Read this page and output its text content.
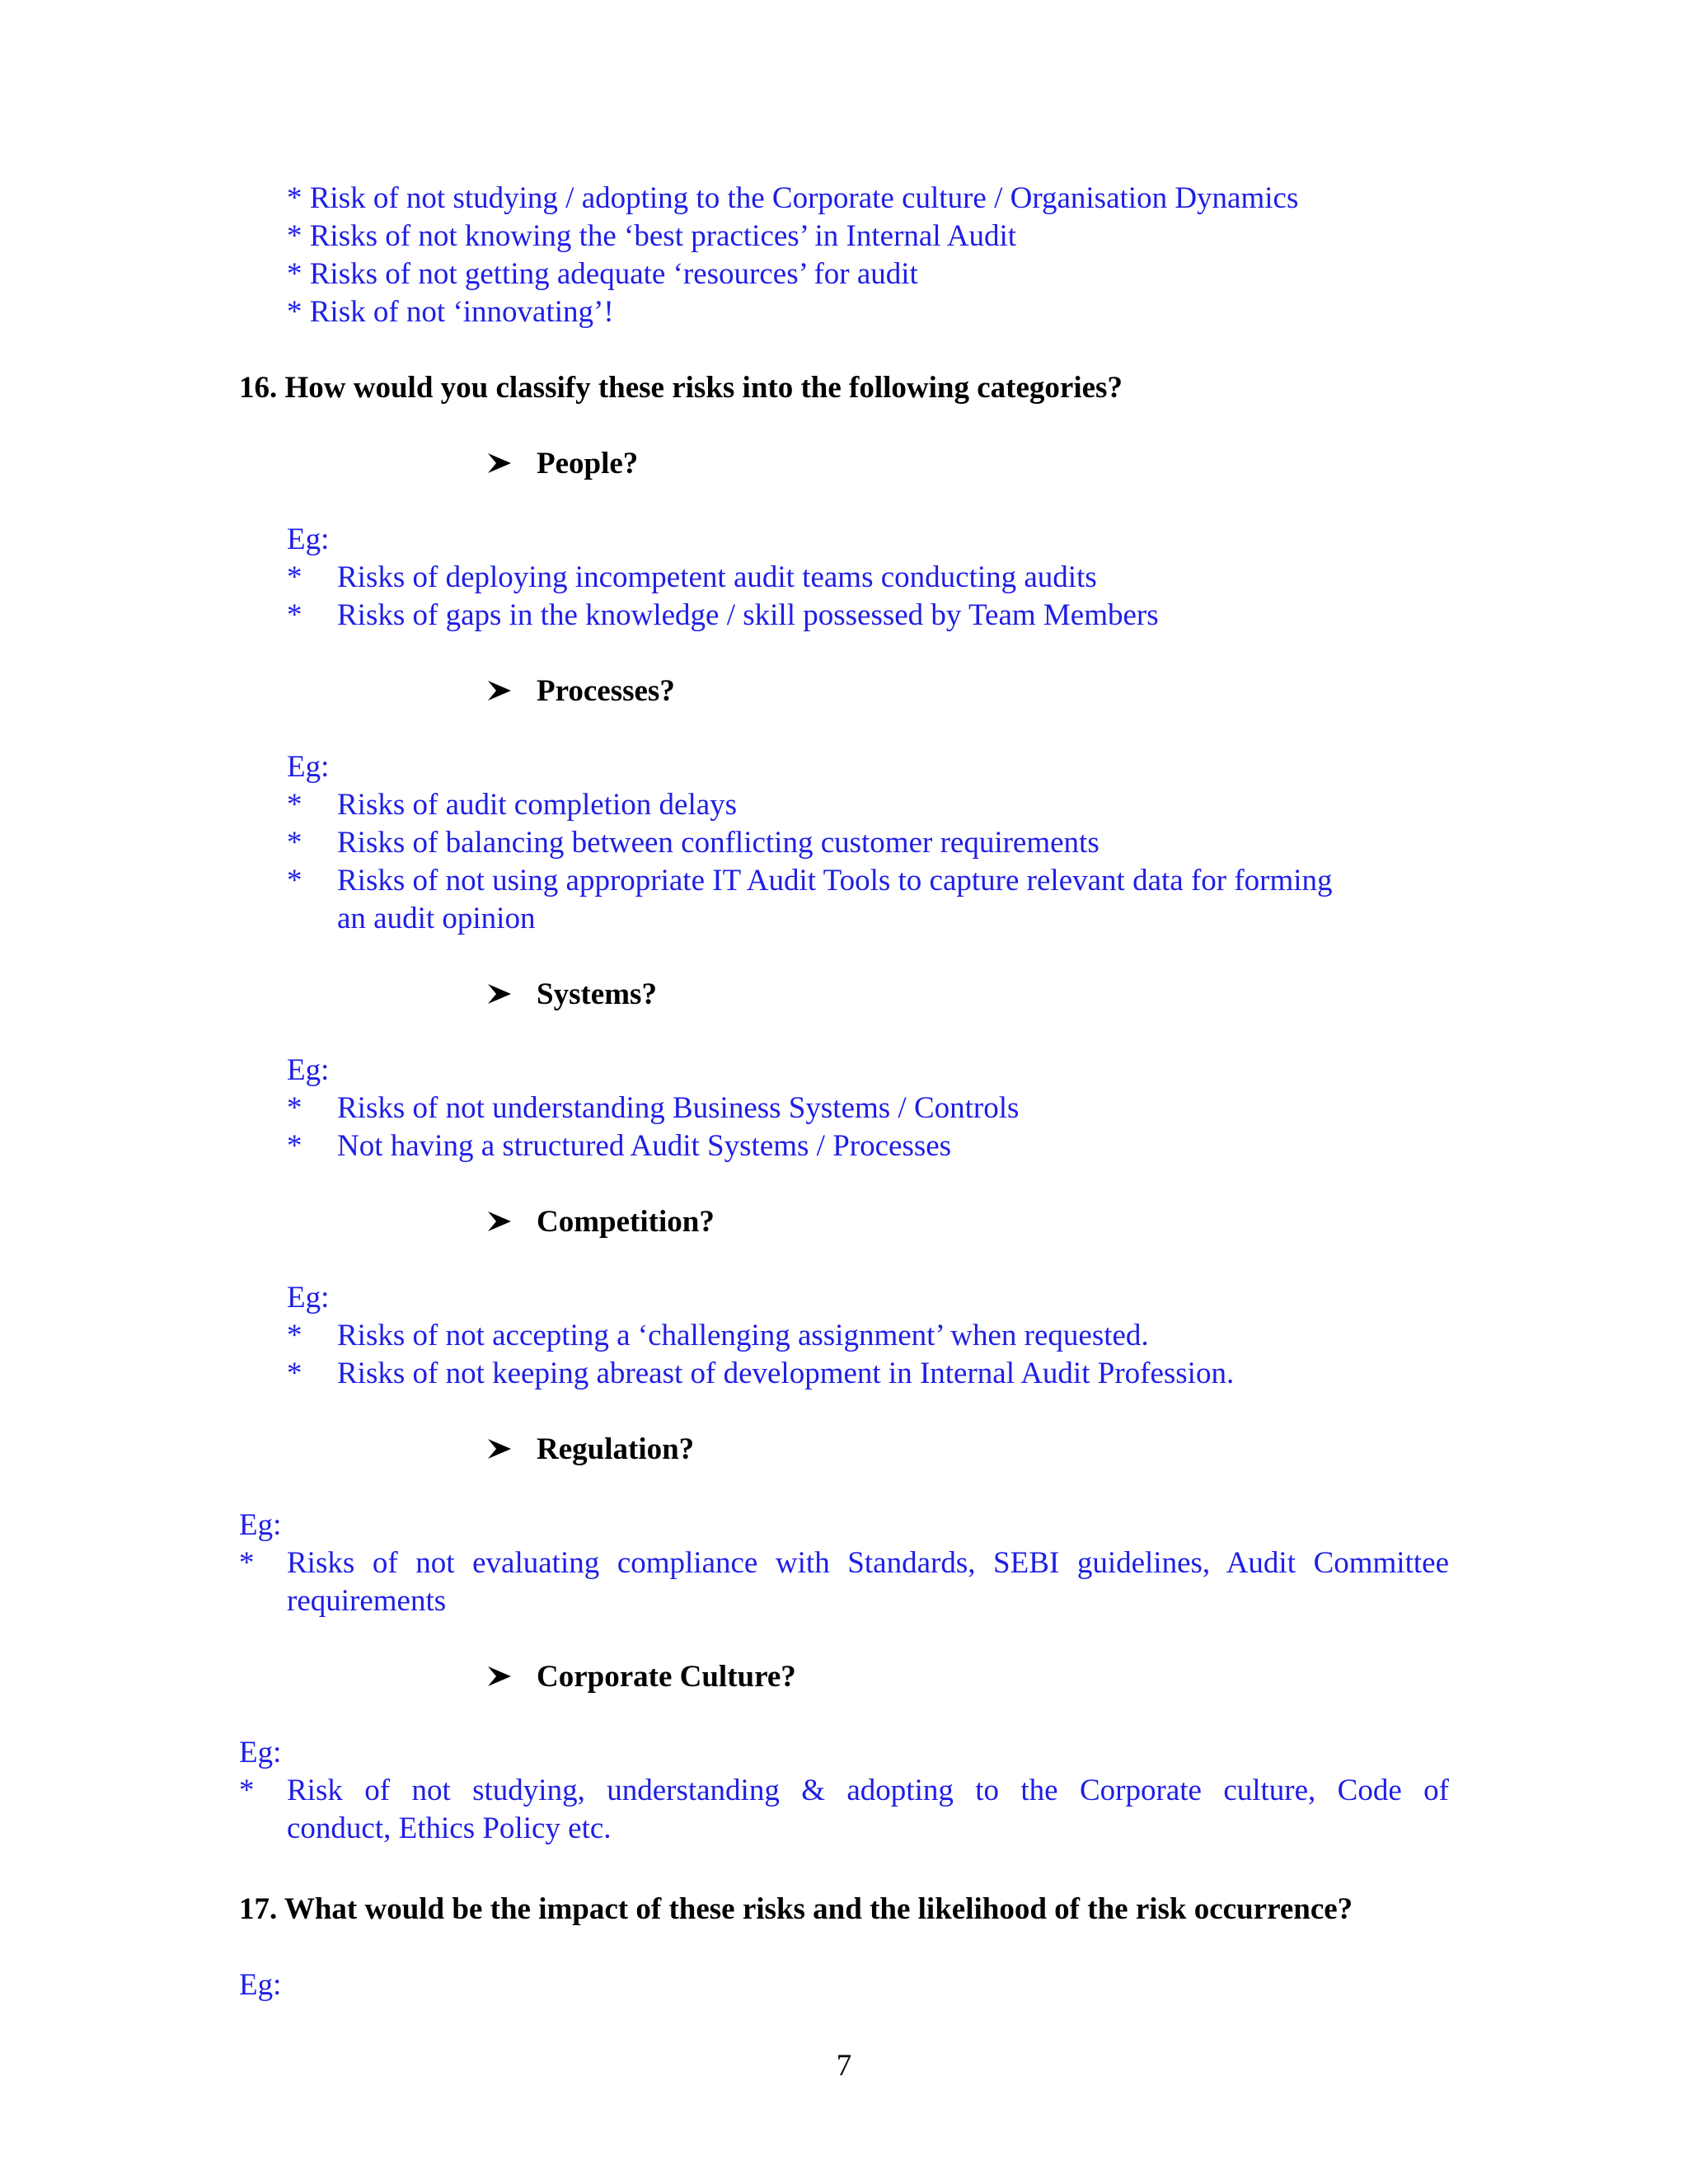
* Risk of not studying / adopting to the Corporate culture / Organisation Dynamics
* Risks of not knowing the ‘best practices’ in Internal Audit
* Risks of not getting adequate ‘resources’ for audit
* Risk of not ‘innovating’!
16. How would you classify these risks into the following categories?
People?
Eg:
* Risks of deploying incompetent audit teams conducting audits
* Risks of gaps in the knowledge / skill possessed by Team Members
Processes?
Eg:
* Risks of audit completion delays
* Risks of balancing between conflicting customer requirements
* Risks of not using appropriate IT Audit Tools to capture relevant data for forming
an audit opinion
Systems?
Eg:
* Risks of not understanding Business Systems / Controls
* Not having a structured Audit Systems / Processes
Competition?
Eg:
* Risks of not accepting a ‘challenging assignment’ when requested.
* Risks of not keeping abreast of development in Internal Audit Profession.
Regulation?
Eg:
* Risks of not evaluating compliance with Standards, SEBI guidelines, Audit Committee
requirements
Corporate Culture?
Eg:
* Risk of not studying, understanding & adopting to the Corporate culture, Code of
conduct, Ethics Policy etc.
17. What would be the impact of these risks and the likelihood of the risk occurrence?
Eg:
7
